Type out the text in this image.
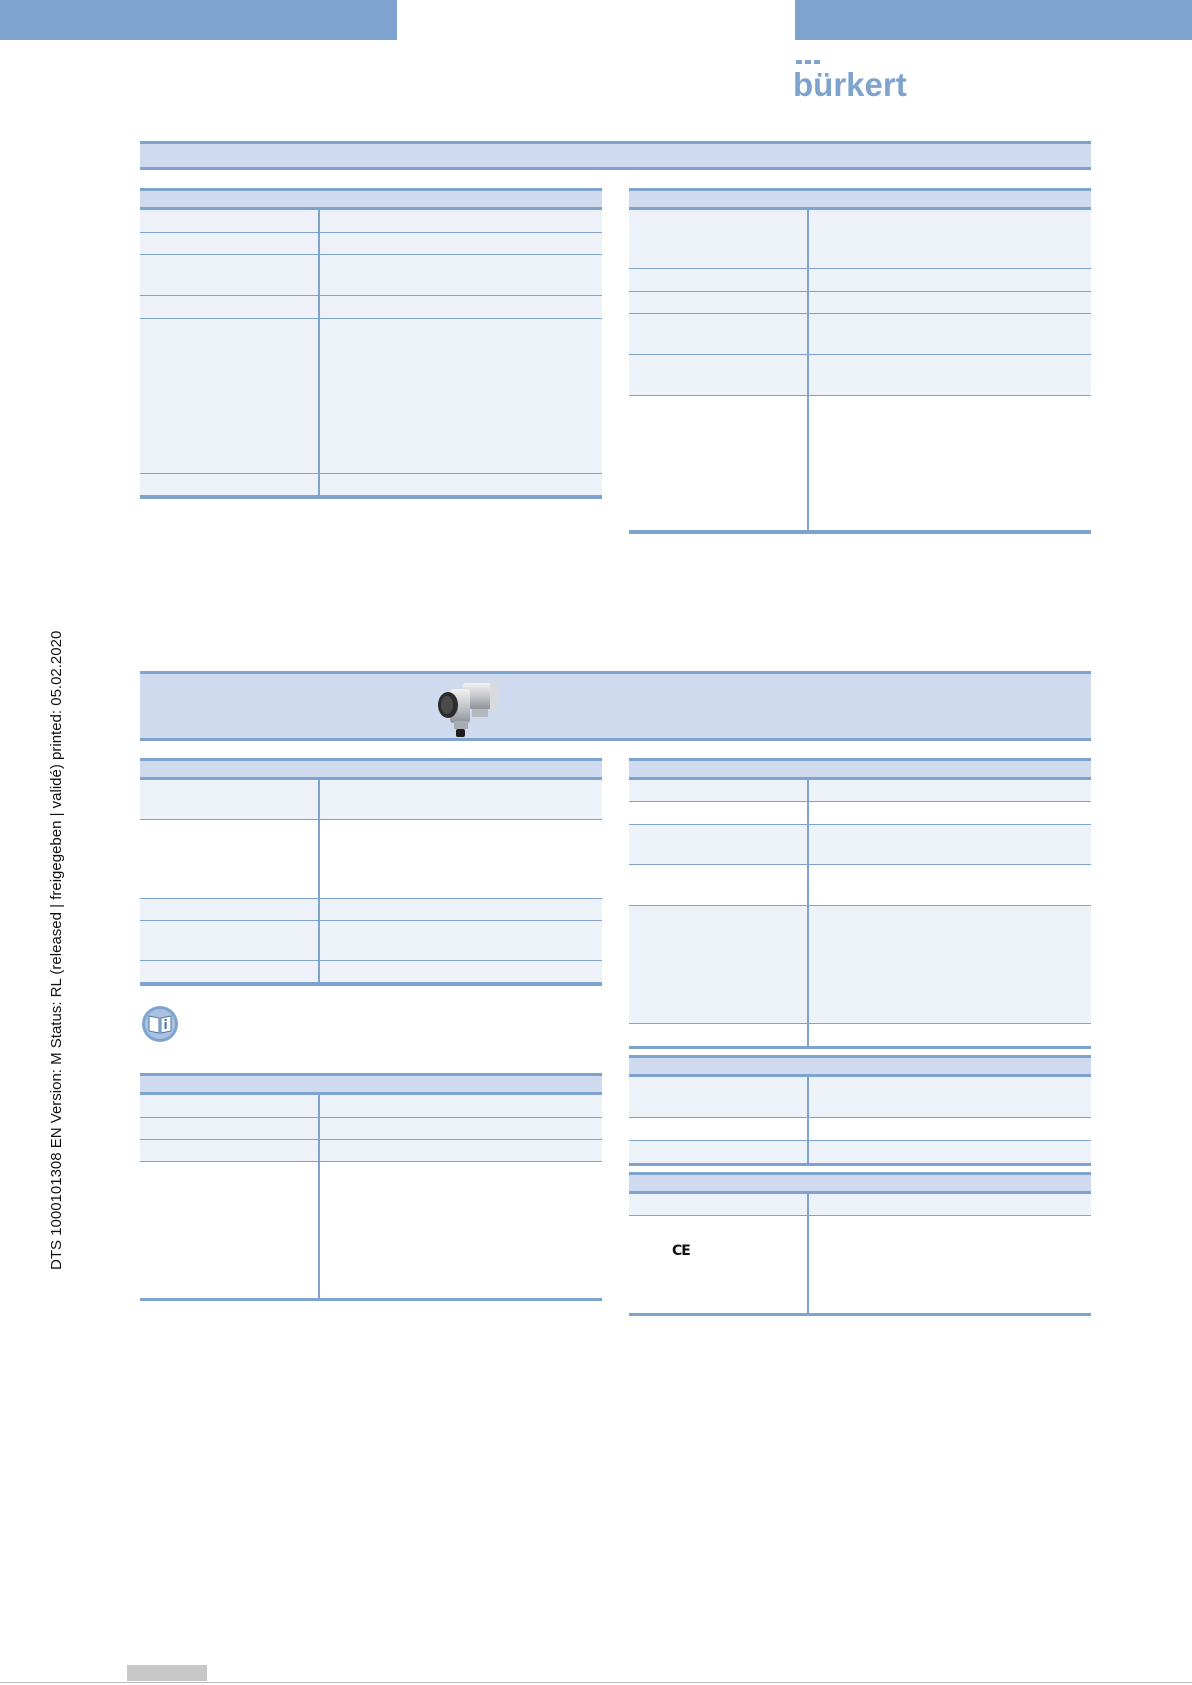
bürkert
DTS 1000101308 EN Version: M Status: RL (released | freigegeben | validé) printed: 05.02.2020	CE
